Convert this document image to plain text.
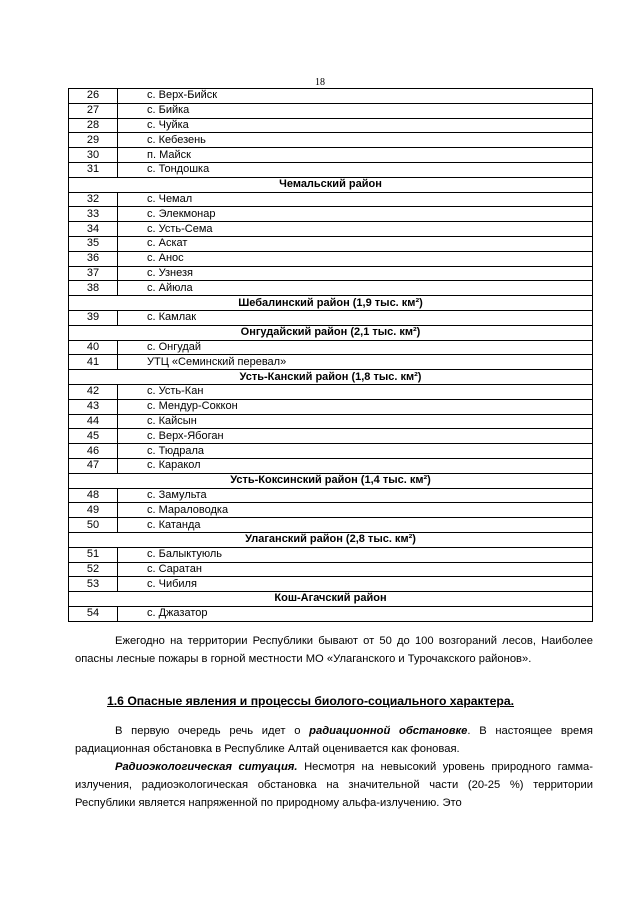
18
26	с. Верх-Бийск
27	с. Бийка
28	с. Чуйка
29	с. Кебезень
30	п. Майск
31	с. Тондошка
Чемальский район	
32	с. Чемал
33	с. Элекмонар
34	с. Усть-Сема
35	с. Аскат
36	с. Анос
37	с. Узнезя
38	с. Айюла
Шебалинский район (1,9 тыс. км²)	
39	с. Камлак
Онгудайский район (2,1 тыс. км²)	
40	с. Онгудай
41	УТЦ «Семинский перевал»
Усть-Канский район (1,8 тыс. км²)	
42	с. Усть-Кан
43	с. Мендур-Соккон
44	с. Кайсын
45	с. Верх-Ябоган
46	с. Тюдрала
47	с. Каракол
Усть-Коксинский район (1,4 тыс. км²)	
48	с. Замульта
49	с. Мараловодка
50	с. Катанда
Улаганский район (2,8 тыс. км²)	
51	с. Балыктуюль
52	с. Саратан
53	с. Чибиля
Кош-Агачский район	
54	с. Джазатор

Ежегодно на территории Республики бывают от 50 до 100 возгораний лесов, Наиболее опасны лесные пожары в горной местности МО «Улаганского и Турочакского районов».

1.6 Опасные явления и процессы биолого-социального характера.

В первую очередь речь идет о радиационной обстановке. В настоящее время радиационная обстановка в Республике Алтай оценивается как фоновая.

Радиоэкологическая ситуация. Несмотря на невысокий уровень природного гамма-излучения, радиоэкологическая обстановка на значительной части (20-25 %) территории Республики является напряженной по природному альфа-излучению. Это
